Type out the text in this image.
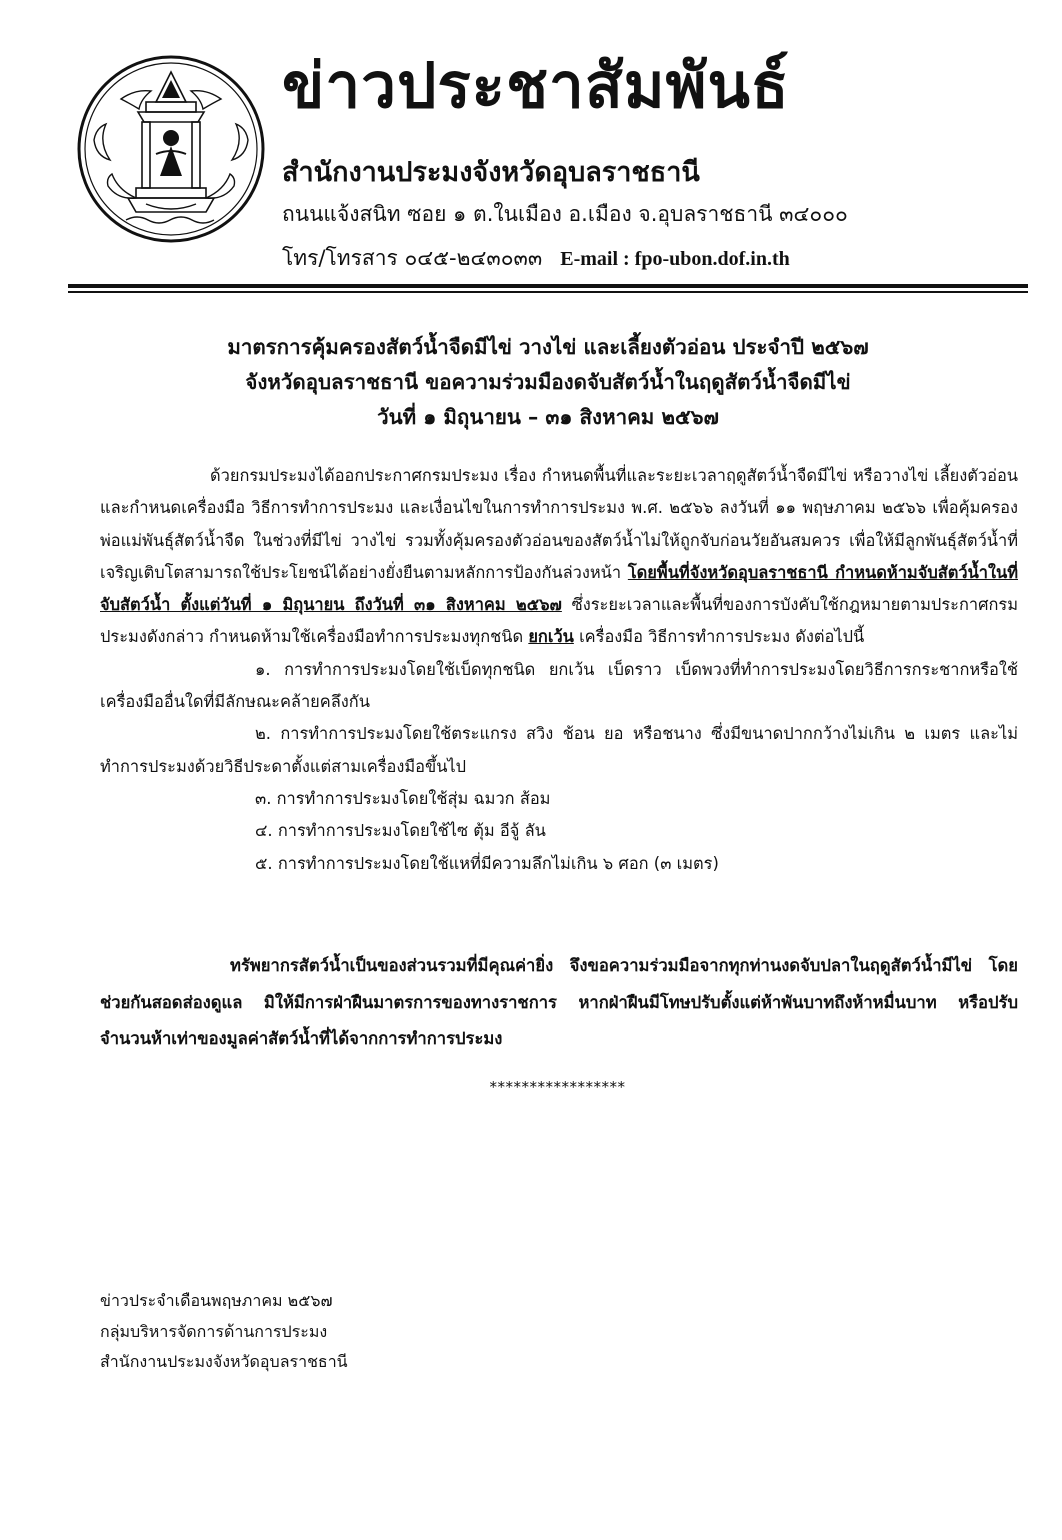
ข่าวประชาสัมพันธ์
สำนักงานประมงจังหวัดอุบลราชธานี
ถนนแจ้งสนิท ซอย ๑ ต.ในเมือง อ.เมือง จ.อุบลราชธานี ๓๔๐๐๐
โทร/โทรสาร ๐๔๕-๒๔๓๐๓๓ E-mail : fpo-ubon.dof.in.th
มาตรการคุ้มครองสัตว์น้ำจืดมีไข่ วางไข่ และเลี้ยงตัวอ่อน ประจำปี ๒๕๖๗
จังหวัดอุบลราชธานี ขอความร่วมมืองดจับสัตว์น้ำในฤดูสัตว์น้ำจืดมีไข่
วันที่ ๑ มิถุนายน – ๓๑ สิงหาคม ๒๕๖๗

ด้วยกรมประมงได้ออกประกาศกรมประมง เรื่อง กำหนดพื้นที่และระยะเวลาฤดูสัตว์น้ำจืดมีไข่ หรือวางไข่ เลี้ยงตัวอ่อน และกำหนดเครื่องมือ วิธีการทำการประมง และเงื่อนไขในการทำการประมง พ.ศ. ๒๕๖๖ ลงวันที่ ๑๑ พฤษภาคม ๒๕๖๖ เพื่อคุ้มครองพ่อแม่พันธุ์สัตว์น้ำจืด ในช่วงที่มีไข่ วางไข่ รวมทั้งคุ้มครองตัวอ่อนของสัตว์น้ำไม่ให้ถูกจับก่อนวัยอันสมควร เพื่อให้มีลูกพันธุ์สัตว์น้ำที่เจริญเติบโตสามารถใช้ประโยชน์ได้อย่างยั่งยืนตามหลักการป้องกันล่วงหน้า โดยพื้นที่จังหวัดอุบลราชธานี กำหนดห้ามจับสัตว์น้ำในที่จับสัตว์น้ำ ตั้งแต่วันที่ ๑ มิถุนายน ถึงวันที่ ๓๑ สิงหาคม ๒๕๖๗ ซึ่งระยะเวลาและพื้นที่ของการบังคับใช้กฎหมายตามประกาศกรมประมงดังกล่าว กำหนดห้ามใช้เครื่องมือทำการประมงทุกชนิด ยกเว้น เครื่องมือ วิธีการทำการประมง ดังต่อไปนี้

๑. การทำการประมงโดยใช้เบ็ดทุกชนิด ยกเว้น เบ็ดราว เบ็ดพวงที่ทำการประมงโดยวิธีการกระชากหรือใช้เครื่องมืออื่นใดที่มีลักษณะคล้ายคลึงกัน

๒. การทำการประมงโดยใช้ตระแกรง สวิง ช้อน ยอ หรือชนาง ซึ่งมีขนาดปากกว้างไม่เกิน ๒ เมตร และไม่ทำการประมงด้วยวิธีประดาตั้งแต่สามเครื่องมือขึ้นไป

๓. การทำการประมงโดยใช้สุ่ม ฉมวก ส้อม

๔. การทำการประมงโดยใช้ไซ ตุ้ม อีจู้ ลัน

๕. การทำการประมงโดยใช้แหที่มีความลึกไม่เกิน ๖ ศอก (๓ เมตร)

ทรัพยากรสัตว์น้ำเป็นของส่วนรวมที่มีคุณค่ายิ่ง จึงขอความร่วมมือจากทุกท่านงดจับปลาในฤดูสัตว์น้ำมีไข่ โดยช่วยกันสอดส่องดูแล มิให้มีการฝ่าฝืนมาตรการของทางราชการ หากฝ่าฝืนมีโทษปรับตั้งแต่ห้าพันบาทถึงห้าหมื่นบาท หรือปรับจำนวนห้าเท่าของมูลค่าสัตว์น้ำที่ได้จากการทำการประมง

*****************
ข่าวประจำเดือนพฤษภาคม ๒๕๖๗
กลุ่มบริหารจัดการด้านการประมง
สำนักงานประมงจังหวัดอุบลราชธานี
